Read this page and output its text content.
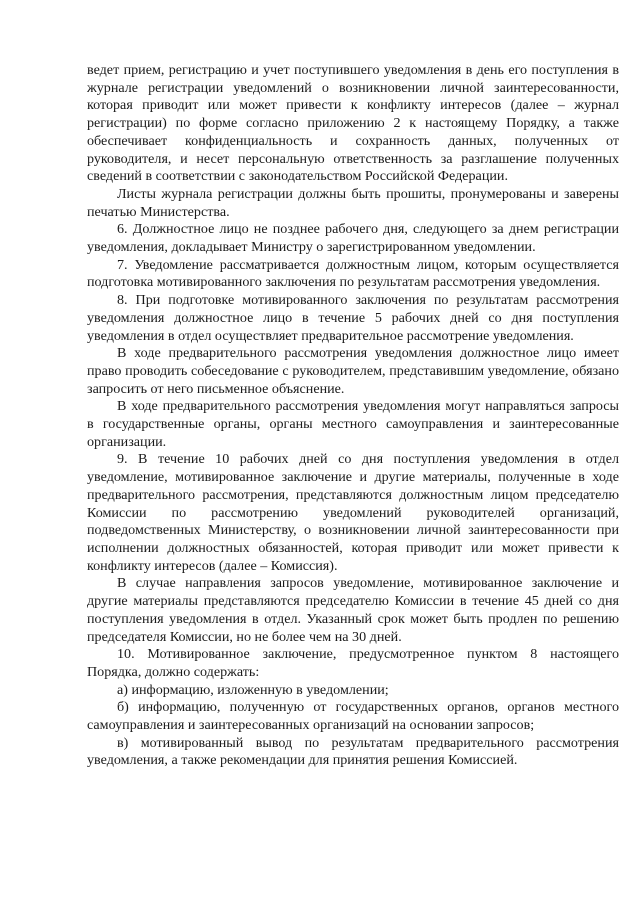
ведет прием, регистрацию и учет поступившего уведомления в день его поступления в журнале регистрации уведомлений о возникновении личной заинтересованности, которая приводит или может привести к конфликту интересов (далее – журнал регистрации) по форме согласно приложению 2 к настоящему Порядку, а также обеспечивает конфиденциальность и сохранность данных, полученных от руководителя, и несет персональную ответственность за разглашение полученных сведений в соответствии с законодательством Российской Федерации.

Листы журнала регистрации должны быть прошиты, пронумерованы и заверены печатью Министерства.

6. Должностное лицо не позднее рабочего дня, следующего за днем регистрации уведомления, докладывает Министру о зарегистрированном уведомлении.

7. Уведомление рассматривается должностным лицом, которым осуществляется подготовка мотивированного заключения по результатам рассмотрения уведомления.

8. При подготовке мотивированного заключения по результатам рассмотрения уведомления должностное лицо в течение 5 рабочих дней со дня поступления уведомления в отдел осуществляет предварительное рассмотрение уведомления.

В ходе предварительного рассмотрения уведомления должностное лицо имеет право проводить собеседование с руководителем, представившим уведомление, обязано запросить от него письменное объяснение.

В ходе предварительного рассмотрения уведомления могут направляться запросы в государственные органы, органы местного самоуправления и заинтересованные организации.

9. В течение 10 рабочих дней со дня поступления уведомления в отдел уведомление, мотивированное заключение и другие материалы, полученные в ходе предварительного рассмотрения, представляются должностным лицом председателю Комиссии по рассмотрению уведомлений руководителей организаций, подведомственных Министерству, о возникновении личной заинтересованности при исполнении должностных обязанностей, которая приводит или может привести к конфликту интересов (далее – Комиссия).

В случае направления запросов уведомление, мотивированное заключение и другие материалы представляются председателю Комиссии в течение 45 дней со дня поступления уведомления в отдел. Указанный срок может быть продлен по решению председателя Комиссии, но не более чем на 30 дней.

10. Мотивированное заключение, предусмотренное пунктом 8 настоящего Порядка, должно содержать:

а) информацию, изложенную в уведомлении;

б) информацию, полученную от государственных органов, органов местного самоуправления и заинтересованных организаций на основании запросов;

в) мотивированный вывод по результатам предварительного рассмотрения уведомления, а также рекомендации для принятия решения Комиссией.
